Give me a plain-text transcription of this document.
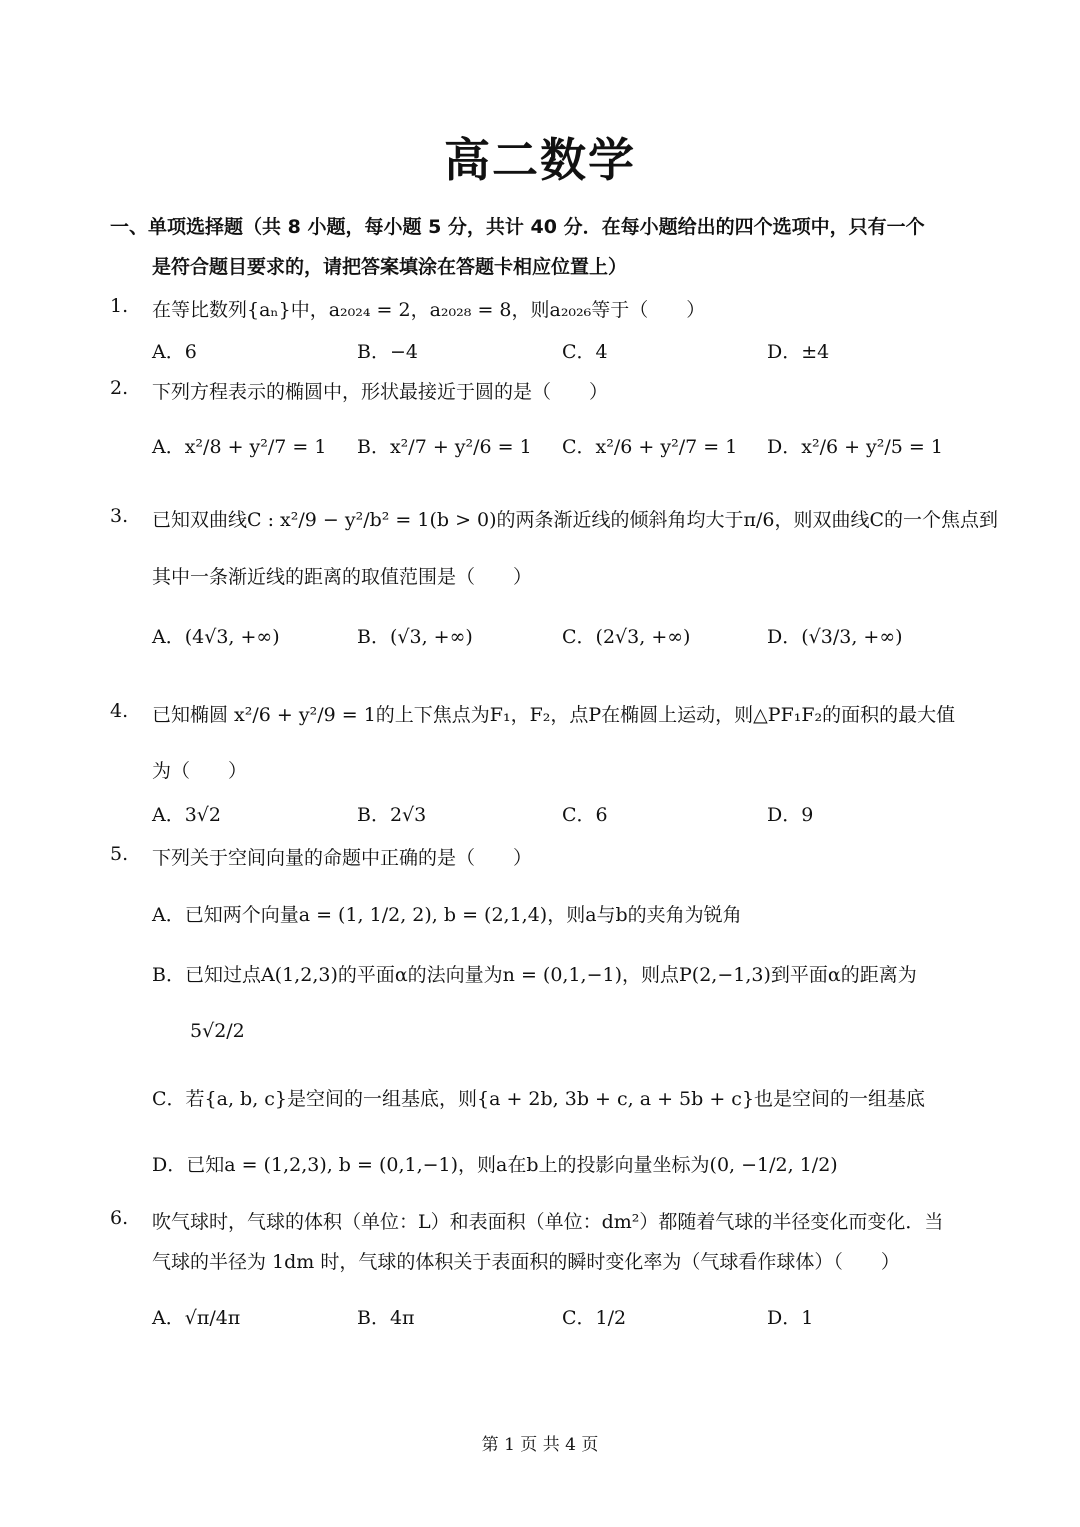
高二数学
一、单项选择题（共 8 小题，每小题 5 分，共计 40 分．在每小题给出的四个选项中，只有一个
是符合题目要求的，请把答案填涂在答题卡相应位置上）
1. 在等比数列{aₙ}中，a₂₀₂₄ = 2，a₂₀₂₈ = 8，则a₂₀₂₆等于（　　）
A．6	B．−4	C．4	D．±4
2. 下列方程表示的椭圆中，形状最接近于圆的是（　　）
A．x²/8 + y²/7 = 1 B．x²/7 + y²/6 = 1 C．x²/6 + y²/7 = 1 D．x²/6 + y²/5 = 1
3. 已知双曲线C : x²/9 − y²/b² = 1(b > 0)的两条渐近线的倾斜角均大于π/6，则双曲线C的一个焦点到
其中一条渐近线的距离的取值范围是（　　）
A．(4√3, +∞)	B．(√3, +∞)	C．(2√3, +∞)	D．(√3/3, +∞)
4. 已知椭圆 x²/6 + y²/9 = 1的上下焦点为F₁，F₂，点P在椭圆上运动，则△PF₁F₂的面积的最大值
为（　　）
A．3√2	B．2√3	C．6	D．9
5. 下列关于空间向量的命题中正确的是（　　）
A．已知两个向量a = (1, 1/2, 2), b = (2,1,4)，则a与b的夹角为锐角
B．已知过点A(1,2,3)的平面α的法向量为n = (0,1,−1)，则点P(2,−1,3)到平面α的距离为
5√2/2
C．若{a, b, c}是空间的一组基底，则{a + 2b, 3b + c, a + 5b + c}也是空间的一组基底
D．已知a = (1,2,3), b = (0,1,−1)，则a在b上的投影向量坐标为(0, −1/2, 1/2)
6. 吹气球时，气球的体积（单位：L）和表面积（单位：dm²）都随着气球的半径变化而变化．当
气球的半径为 1dm 时，气球的体积关于表面积的瞬时变化率为（气球看作球体）（　　）
A．√π/4π	B．4π	C．1/2	D．1
第 1 页 共 4 页
